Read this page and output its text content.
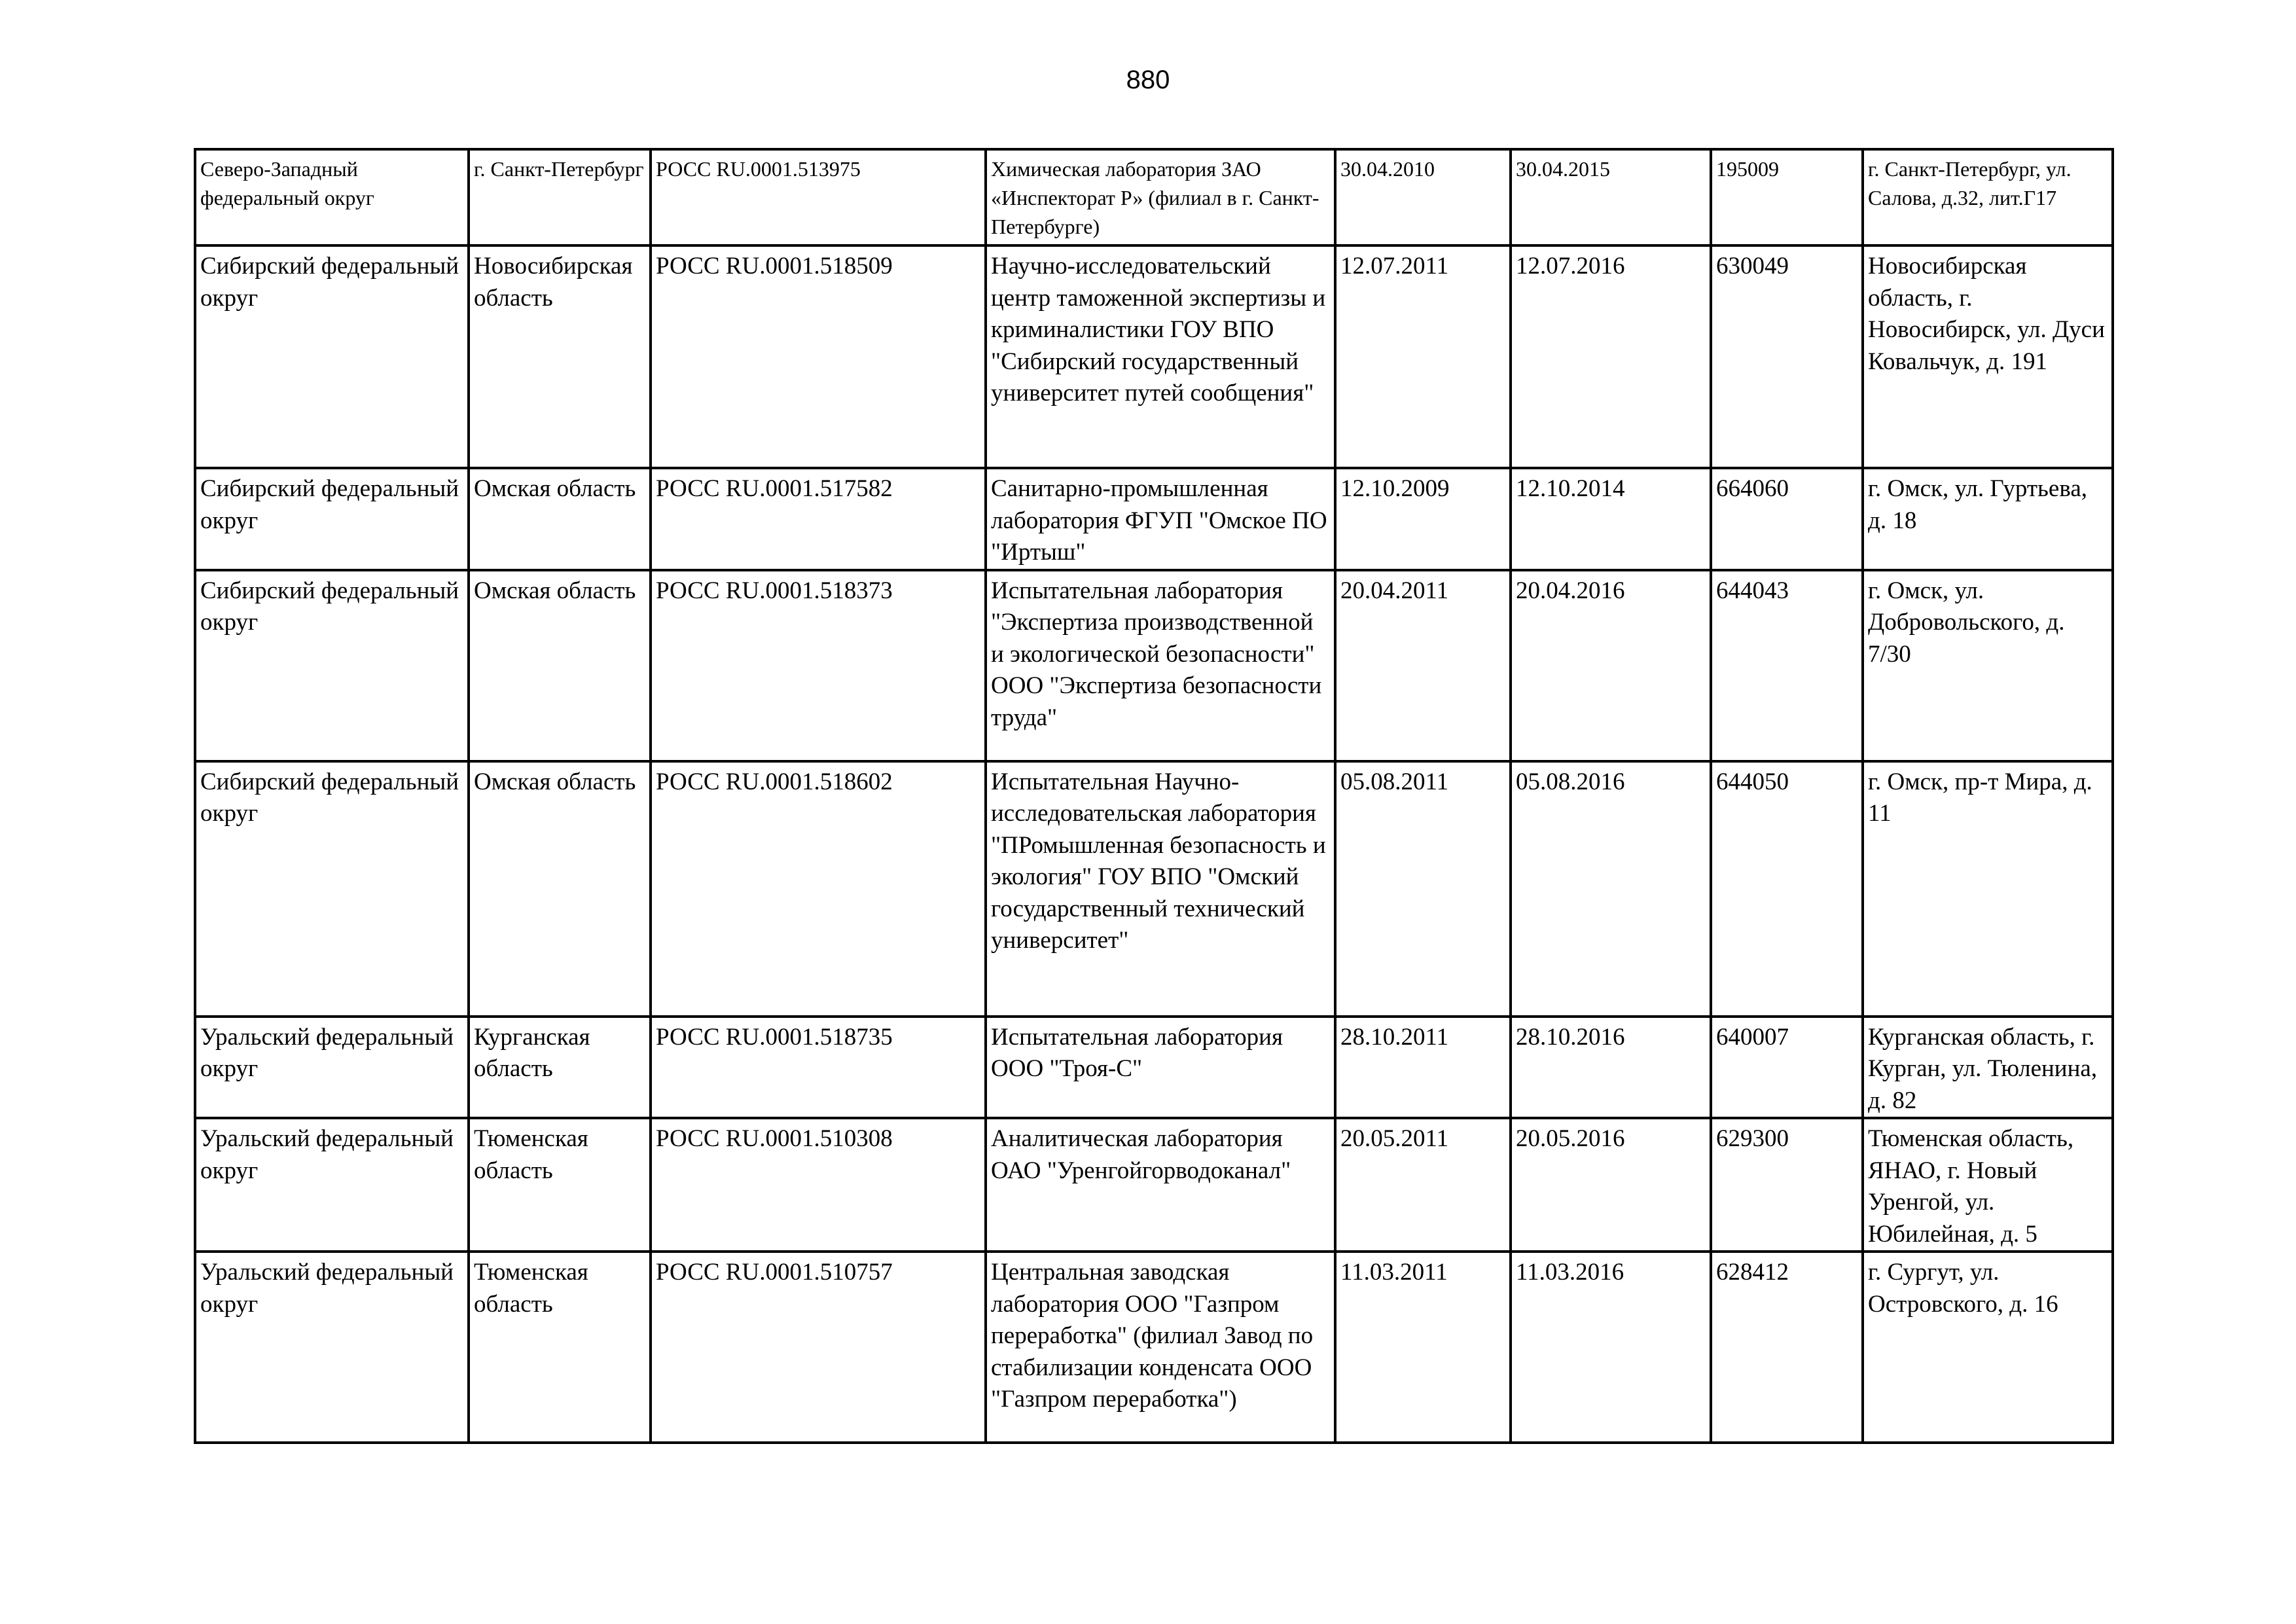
880
Северо-Западный федеральный округ	г. Санкт-Петербург	РОСС RU.0001.513975	Химическая лаборатория ЗАО «Инспекторат Р» (филиал в г. Санкт-Петербурге)	30.04.2010	30.04.2015	195009	г. Санкт-Петербург, ул. Салова, д.32, лит.Г17
Сибирский федеральный округ	Новосибирская область	РОСС RU.0001.518509	Научно-исследовательский центр таможенной экспертизы и криминалистики ГОУ ВПО "Сибирский государственный университет путей сообщения"	12.07.2011	12.07.2016	630049	Новосибирская область, г. Новосибирск, ул. Дуси Ковальчук, д. 191
Сибирский федеральный округ	Омская область	РОСС RU.0001.517582	Санитарно-промышленная лаборатория ФГУП "Омское ПО "Иртыш"	12.10.2009	12.10.2014	664060	г. Омск, ул. Гуртьева, д. 18
Сибирский федеральный округ	Омская область	РОСС RU.0001.518373	Испытательная лаборатория "Экспертиза производственной и экологической безопасности" ООО "Экспертиза безопасности труда"	20.04.2011	20.04.2016	644043	г. Омск, ул. Добровольского, д. 7/30
Сибирский федеральный округ	Омская область	РОСС RU.0001.518602	Испытательная Научно-исследовательская лаборатория "ПРомышленная безопасность и экология" ГОУ ВПО "Омский государственный технический университет"	05.08.2011	05.08.2016	644050	г. Омск, пр-т Мира, д. 11
Уральский федеральный округ	Курганская область	РОСС RU.0001.518735	Испытательная лаборатория ООО "Троя-С"	28.10.2011	28.10.2016	640007	Курганская область, г. Курган, ул. Тюленина, д. 82
Уральский федеральный округ	Тюменская область	РОСС RU.0001.510308	Аналитическая лаборатория ОАО "Уренгойгорводоканал"	20.05.2011	20.05.2016	629300	Тюменская область, ЯНАО, г. Новый Уренгой, ул. Юбилейная, д. 5
Уральский федеральный округ	Тюменская область	РОСС RU.0001.510757	Центральная заводская лаборатория ООО "Газпром переработка" (филиал Завод по стабилизации конденсата ООО "Газпром переработка")	11.03.2011	11.03.2016	628412	г. Сургут, ул. Островского, д. 16
